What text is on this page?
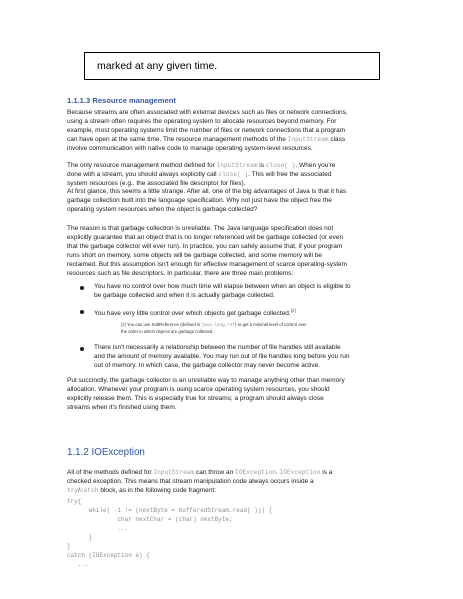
marked at any given time.
1.1.1.3 Resource management
1.1.2 IOException
Because streams are often associated with external devices such as files or network connections,
using a stream often requires the operating system to allocate resources beyond memory. For
example, most operating systems limit the number of files or network connections that a program
can have open at the same time. The resource management methods of the InputStream class
involve communication with native code to manage operating system-level resources.
The only resource management method defined for InputStream is close( ). When you're
done with a stream, you should always explicitly call close( ). This will free the associated
system resources (e.g., the associated file descriptor for files).
At first glance, this seems a little strange. After all, one of the big advantages of Java is that it has
garbage collection built into the language specification. Why not just have the object free the
operating system resources when the object is garbage collected?
The reason is that garbage collection is unreliable. The Java language specification does not
explicitly guarantee that an object that is no longer referenced will be garbage collected (or even
that the garbage collector will ever run). In practice, you can safely assume that, if your program
runs short on memory, some objects will be garbage collected, and some memory will be
reclaimed. But this assumption isn't enough for effective management of scarce operating-system
resources such as file descriptors. In particular, there are three main problems:
You have no control over how much time will elapse between when an object is eligible to
be garbage collected and when it is actually garbage collected.
You have very little control over which objects get garbage collected.[2]
There isn't necessarily a relationship between the number of file handles still available
and the amount of memory available. You may run out of file handles long before you run
out of memory. In which case, the garbage collector may never become active.
[2] You can use SoftReference (defined in java.lang.ref) to get a minimal level of control over
the order in which objects are garbage collected.
Put succinctly, the garbage collector is an unreliable way to manage anything other than memory
allocation. Whenever your program is using scarce operating system resources, you should
explicitly release them. This is especially true for streams; a program should always close
streams when it's finished using them.
All of the methods defined for InputStream can throw an IOException. IOException is a
checked exception. This means that stream manipulation code always occurs inside a
try/catch block, as in the following code fragment:
try{
while( -1 != (nextByte = bufferedStream.read( ))) {
char nextChar = (char) nextByte;
...
}
}
catch (IOException e) {
...
